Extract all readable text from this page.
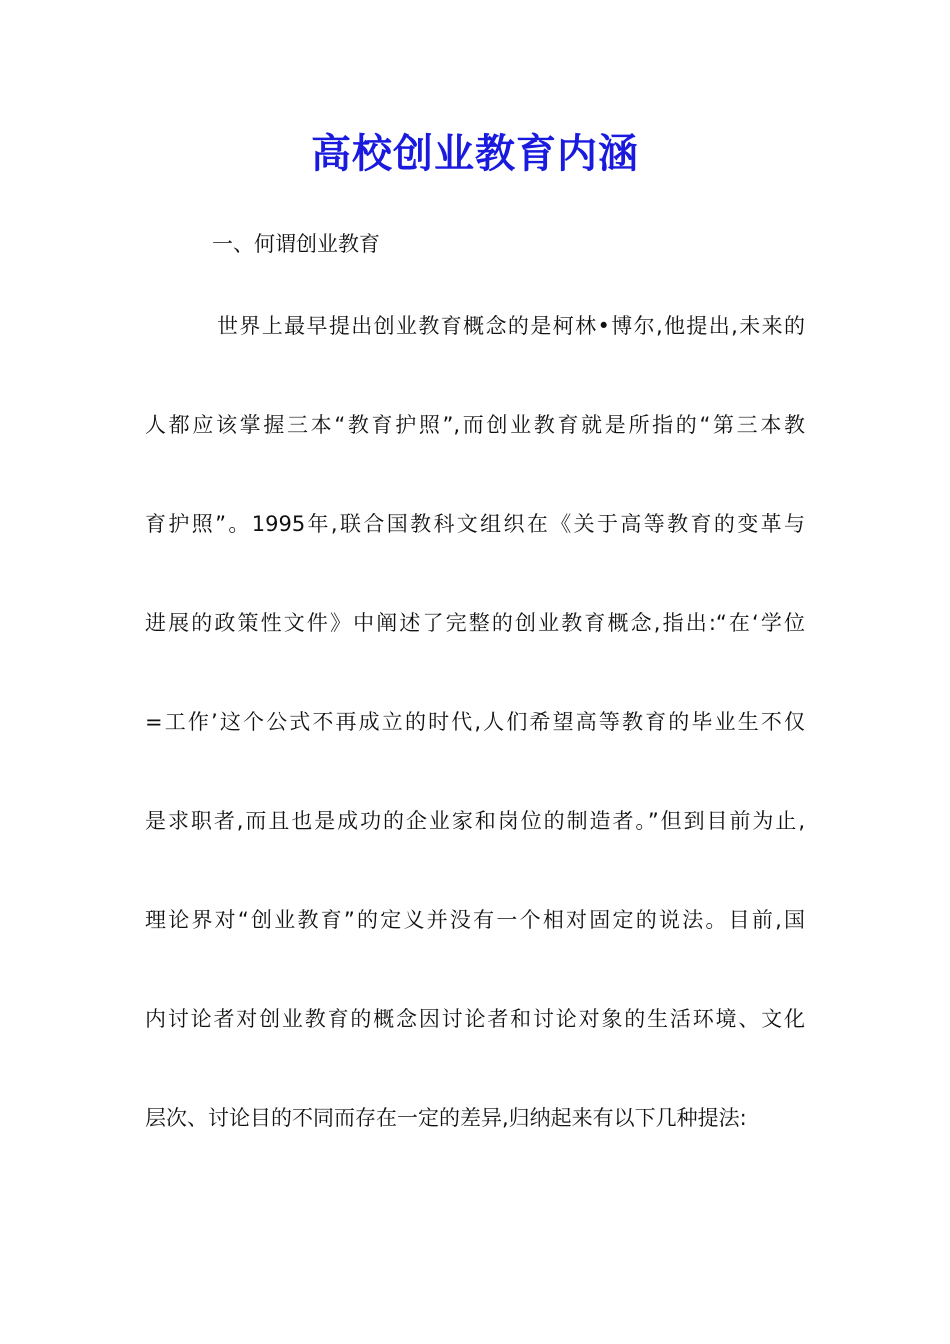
高校创业教育内涵
一、何谓创业教育
世界上最早提出创业教育概念的是柯林•博尔,他提出,未来的
人都应该掌握三本“教育护照”,而创业教育就是所指的“第三本教
育护照”。1995年,联合国教科文组织在《关于高等教育的变革与
进展的政策性文件》中阐述了完整的创业教育概念,指出:“在‘学位
=工作’这个公式不再成立的时代,人们希望高等教育的毕业生不仅
是求职者,而且也是成功的企业家和岗位的制造者。”但到目前为止,
理论界对“创业教育”的定义并没有一个相对固定的说法。目前,国
内讨论者对创业教育的概念因讨论者和讨论对象的生活环境、文化
层次、讨论目的不同而存在一定的差异,归纳起来有以下几种提法:
